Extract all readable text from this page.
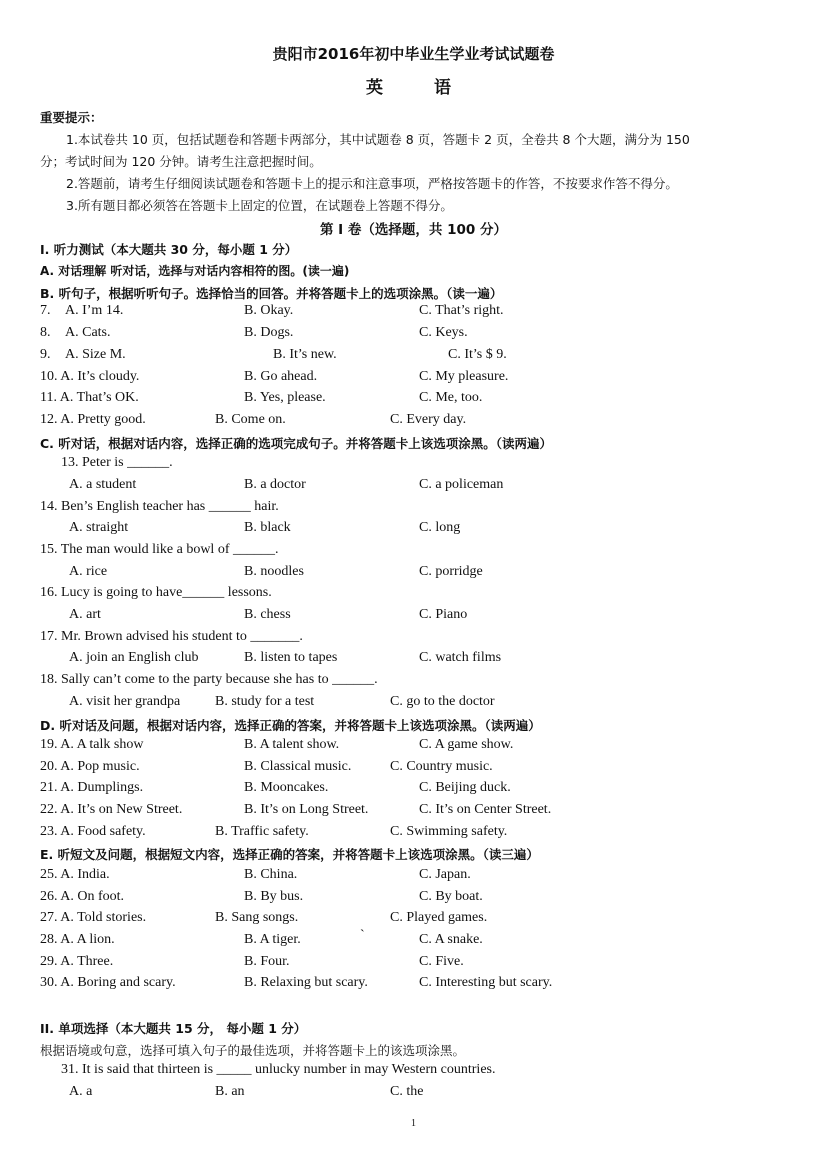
贵阳市2016年初中毕业生学业考试试题卷
英	语
重要提示：
1.本试卷共 10 页，包括试题卷和答题卡两部分，其中试题卷 8 页，答题卡 2 页，全卷共 8 个大题，满分为 150
分；考试时间为 120 分钟。请考生注意把握时间。
2.答题前，请考生仔细阅读试题卷和答题卡上的提示和注意事项，严格按答题卡的作答，不按要求作答不得分。
3.所有题目都必须答在答题卡上固定的位置，在试题卷上答题不得分。
第 I 卷（选择题，共 100 分）
Ⅰ. 听力测试（本大题共 30 分，每小题 1 分）
A. 对话理解 听对话，选择与对话内容相符的图。(读一遍)
B. 听句子，根据听听句子。选择恰当的回答。并将答题卡上的选项涂黑。（读一遍）
7. A. I’m 14.	B. Okay.	C. That’s right.
8. A. Cats.	B. Dogs.	C. Keys.
9. A. Size M.	B. It’s new.	C. It’s $ 9.
10. A. It’s cloudy.	B. Go ahead.	C. My pleasure.
11. A. That’s OK.	B. Yes, please.	C. Me, too.
12. A. Pretty good.	B. Come on.	C. Every day.
C. 听对话，根据对话内容，选择正确的选项完成句子。并将答题卡上该选项涂黑。（读两遍）
13. Peter is ______.
A. a student	B. a doctor	C. a policeman
14. Ben’s English teacher has ______ hair.
A. straight	B. black	C. long
15. The man would like a bowl of ______.
A. rice	B. noodles	C. porridge
16. Lucy is going to have______ lessons.
A. art	B. chess	C. Piano
17. Mr. Brown advised his student to _______.
A. join an English club	B. listen to tapes	C. watch films
18. Sally can’t come to the party because she has to ______.
A. visit her grandpa B. study for a test	C. go to the doctor
D. 听对话及问题，根据对话内容，选择正确的答案，并将答题卡上该选项涂黑。（读两遍）
19. A. A talk show	B. A talent show.	C. A game show.
20. A. Pop music.	B. Classical music.	C. Country music.
21. A. Dumplings.	B. Mooncakes.	C. Beijing duck.
22. A. It’s on New Street.	B. It’s on Long Street.	C. It’s on Center Street.
23. A. Food safety.	B. Traffic safety.	C. Swimming safety.
E. 听短文及问题，根据短文内容，选择正确的答案，并将答题卡上该选项涂黑。（读三遍）
25. A. India.	B. China.	C. Japan.
26. A. On foot.	B. By bus.	C. By boat.
27. A. Told stories.	B. Sang songs.	C. Played games.
28. A. A lion.	B. A tiger.	`	C. A snake.
29. A. Three.	B. Four.	C. Five.
30. A. Boring and scary.	B. Relaxing but scary.	C. Interesting but scary.
II. 单项选择（本大题共 15 分， 每小题 1 分）
根据语境或句意，选择可填入句子的最佳选项，并将答题卡上的该选项涂黑。
31. It is said that thirteen is _____ unlucky number in may Western countries.
A. a	B. an	C. the
1
